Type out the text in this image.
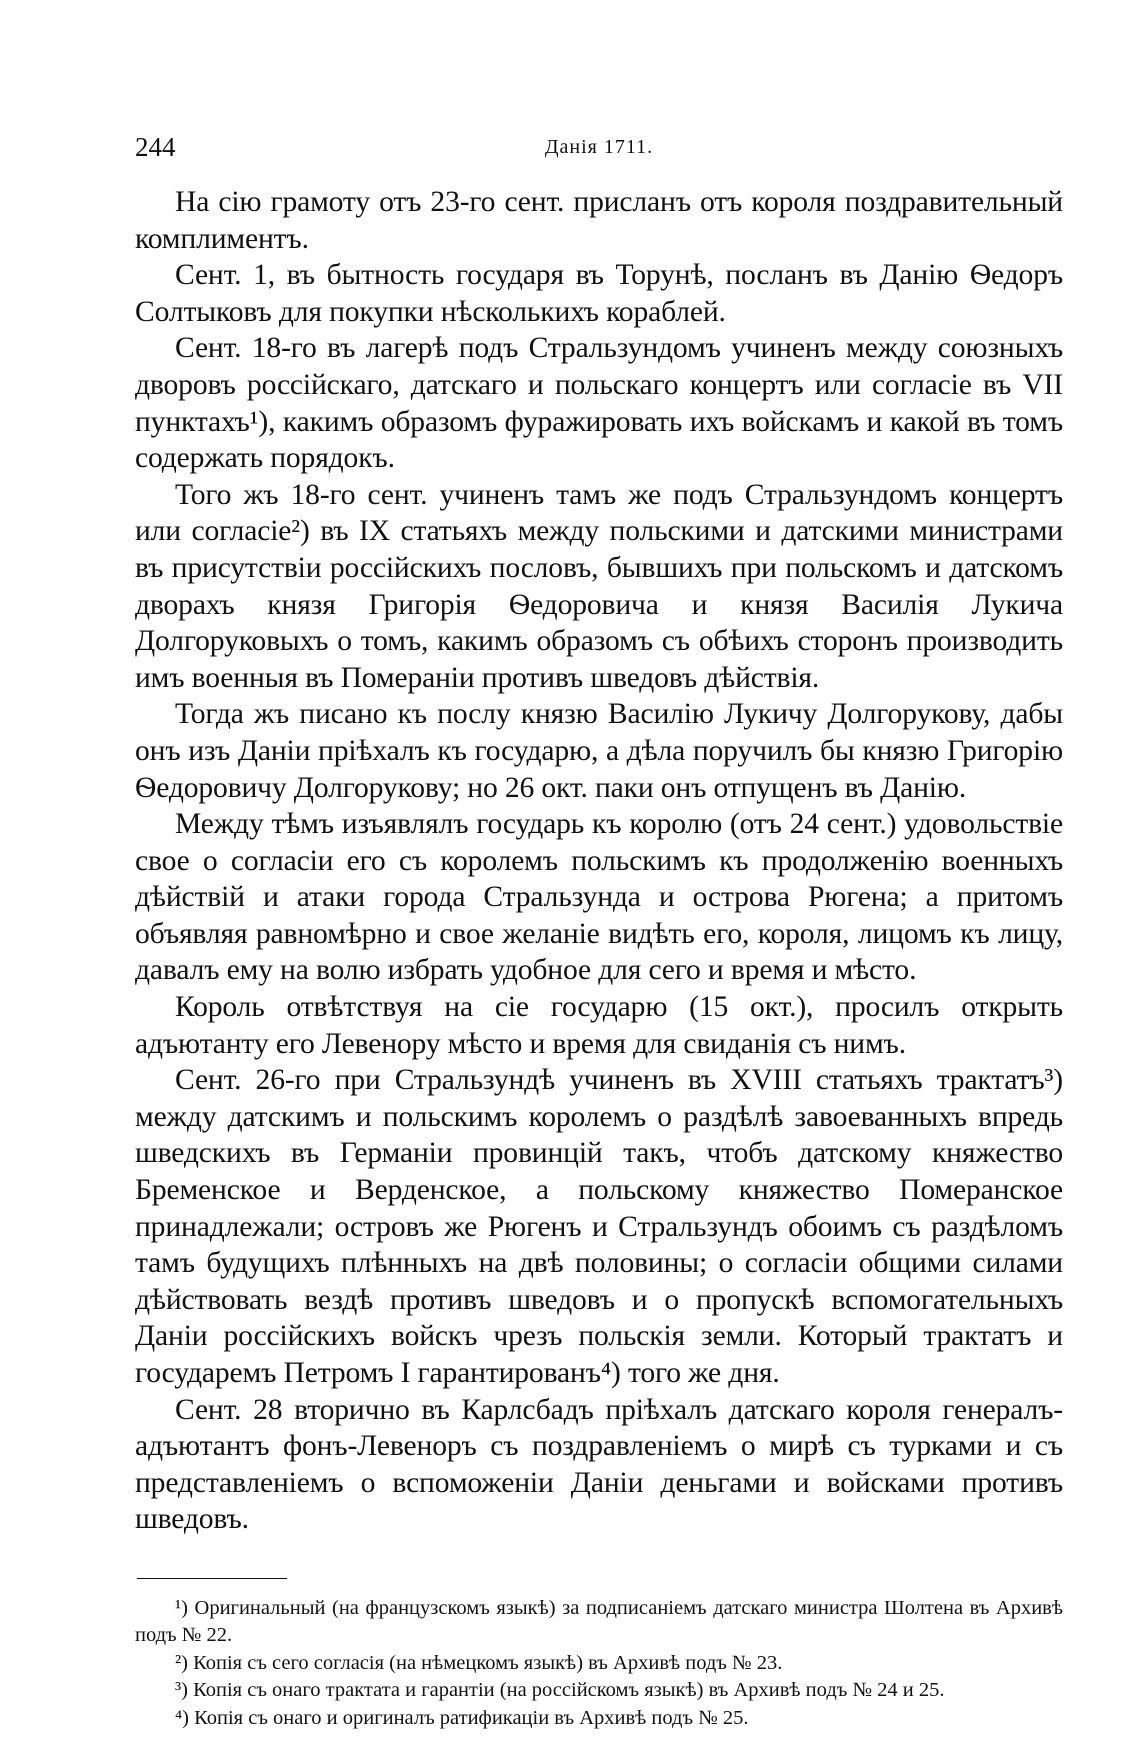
244	Данія 1711.

На сію грамоту отъ 23-го сент. присланъ отъ короля поздравительный комплиментъ.

Сент. 1, въ бытность государя въ Торунѣ, посланъ въ Данію Ѳедоръ Солтыковъ для покупки нѣсколькихъ кораблей.

Сент. 18-го въ лагерѣ подъ Стральзундомъ учиненъ между союзныхъ дворовъ россійскаго, датскаго и польскаго концертъ или согласіе въ VII пунктахъ¹), какимъ образомъ фуражировать ихъ войскамъ и какой въ томъ содержать порядокъ.

Того жъ 18-го сент. учиненъ тамъ же подъ Стральзундомъ концертъ или согласіе²) въ IX статьяхъ между польскими и датскими министрами въ присутствіи россійскихъ пословъ, бывшихъ при польскомъ и датскомъ дворахъ князя Григорія Ѳедоровича и князя Василія Лукича Долгоруковыхъ о томъ, какимъ образомъ съ обѣихъ сторонъ производить имъ военныя въ Помераніи противъ шведовъ дѣйствія.

Тогда жъ писано къ послу князю Василію Лукичу Долгорукову, дабы онъ изъ Даніи пріѣхалъ къ государю, а дѣла поручилъ бы князю Григорію Ѳедоровичу Долгорукову; но 26 окт. паки онъ отпущенъ въ Данію.

Между тѣмъ изъявлялъ государь къ королю (отъ 24 сент.) удовольствіе свое о согласіи его съ королемъ польскимъ къ продолженію военныхъ дѣйствій и атаки города Стральзунда и острова Рюгена; а притомъ объявляя равномѣрно и свое желаніе видѣть его, короля, лицомъ къ лицу, давалъ ему на волю избрать удобное для сего и время и мѣсто.

Король отвѣтствуя на сіе государю (15 окт.), просилъ открыть адъютанту его Левенору мѣсто и время для свиданія съ нимъ.

Сент. 26-го при Стральзундѣ учиненъ въ XVIII статьяхъ трактатъ³) между датскимъ и польскимъ королемъ о раздѣлѣ завоеванныхъ впредь шведскихъ въ Германіи провинцій такъ, чтобъ датскому княжество Бременское и Верденское, а польскому княжество Померанское принадлежали; островъ же Рюгенъ и Стральзундъ обоимъ съ раздѣломъ тамъ будущихъ плѣнныхъ на двѣ половины; о согласіи общими силами дѣйствовать вездѣ противъ шведовъ и о пропускѣ вспомогательныхъ Даніи россійскихъ войскъ чрезъ польскія земли. Который трактатъ и государемъ Петромъ I гарантированъ⁴) того же дня.

Сент. 28 вторично въ Карлсбадъ пріѣхалъ датскаго короля генералъ-адъютантъ фонъ-Левеноръ съ поздравленіемъ о мирѣ съ турками и съ представленіемъ о вспоможеніи Даніи деньгами и войсками противъ шведовъ.

¹) Оригинальный (на французскомъ языкѣ) за подписаніемъ датскаго министра Шолтена въ Архивѣ подъ № 22.

²) Копія съ сего согласія (на нѣмецкомъ языкѣ) въ Архивѣ подъ № 23.

³) Копія съ онаго трактата и гарантіи (на россійскомъ языкѣ) въ Архивѣ подъ № 24 и 25.

⁴) Копія съ онаго и оригиналъ ратификаціи въ Архивѣ подъ № 25.
